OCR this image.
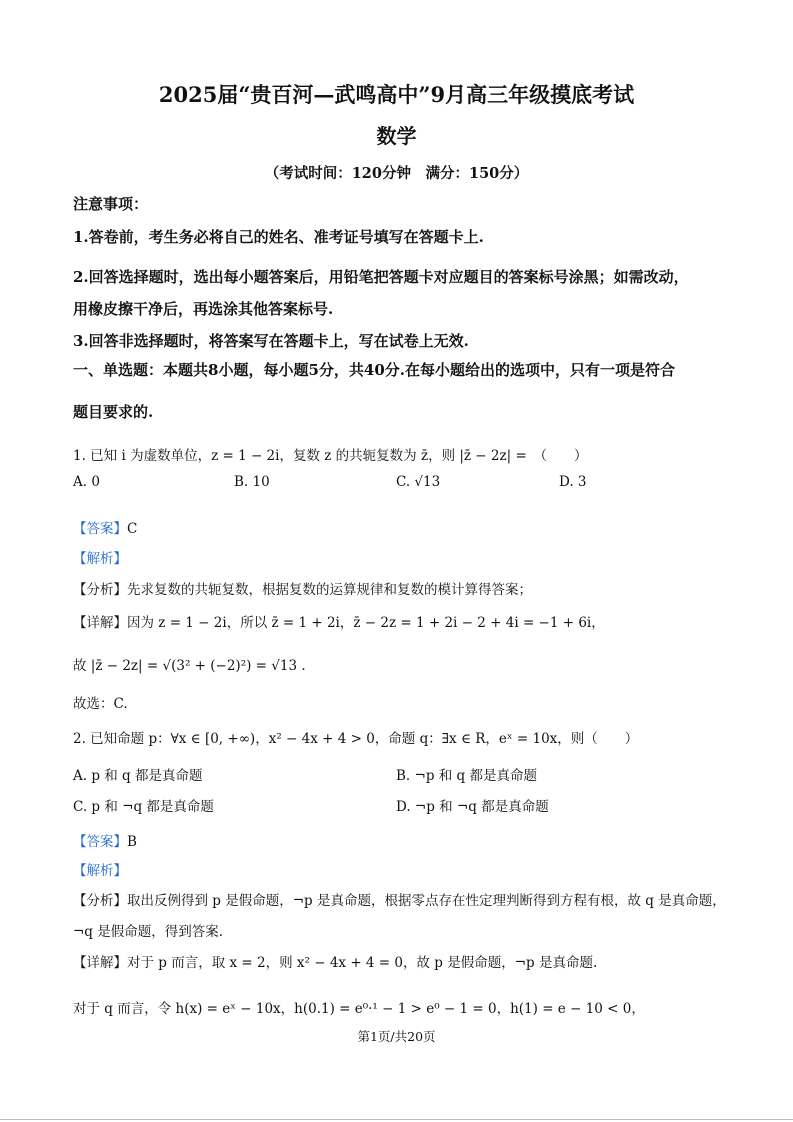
2025届“贵百河—武鸣高中”9月高三年级摸底考试
数学
（考试时间：120分钟　满分：150分）
注意事项：
1.答卷前，考生务必将自己的姓名、准考证号填写在答题卡上.
2.回答选择题时，选出每小题答案后，用铅笔把答题卡对应题目的答案标号涂黑；如需改动，
用橡皮擦干净后，再选涂其他答案标号.
3.回答非选择题时，将答案写在答题卡上，写在试卷上无效.
一、单选题：本题共8小题，每小题5分，共40分.在每小题给出的选项中，只有一项是符合
题目要求的.
1. 已知 i 为虚数单位，z = 1 − 2i，复数 z 的共轭复数为 z̄，则 |z̄ − 2z| =　（　　）
A. 0	B. 10	C. √13	D. 3
【答案】C
【解析】
【分析】先求复数的共轭复数，根据复数的运算规律和复数的模计算得答案；
【详解】因为 z = 1 − 2i，所以 z̄ = 1 + 2i，z̄ − 2z = 1 + 2i − 2 + 4i = −1 + 6i，
故 |z̄ − 2z| = √(3² + (−2)²) = √13 .
故选：C.
2. 已知命题 p：∀x ∈ [0, +∞)，x² − 4x + 4 > 0，命题 q：∃x ∈ R，eˣ = 10x，则（　　）
A. p 和 q 都是真命题	B. ¬p 和 q 都是真命题
C. p 和 ¬q 都是真命题	D. ¬p 和 ¬q 都是真命题
【答案】B
【解析】
【分析】取出反例得到 p 是假命题，¬p 是真命题，根据零点存在性定理判断得到方程有根，故 q 是真命题，
¬q 是假命题，得到答案.
【详解】对于 p 而言，取 x = 2，则 x² − 4x + 4 = 0，故 p 是假命题，¬p 是真命题.
对于 q 而言，令 h(x) = eˣ − 10x，h(0.1) = e⁰·¹ − 1 > e⁰ − 1 = 0，h(1) = e − 10 < 0，
第1页/共20页
